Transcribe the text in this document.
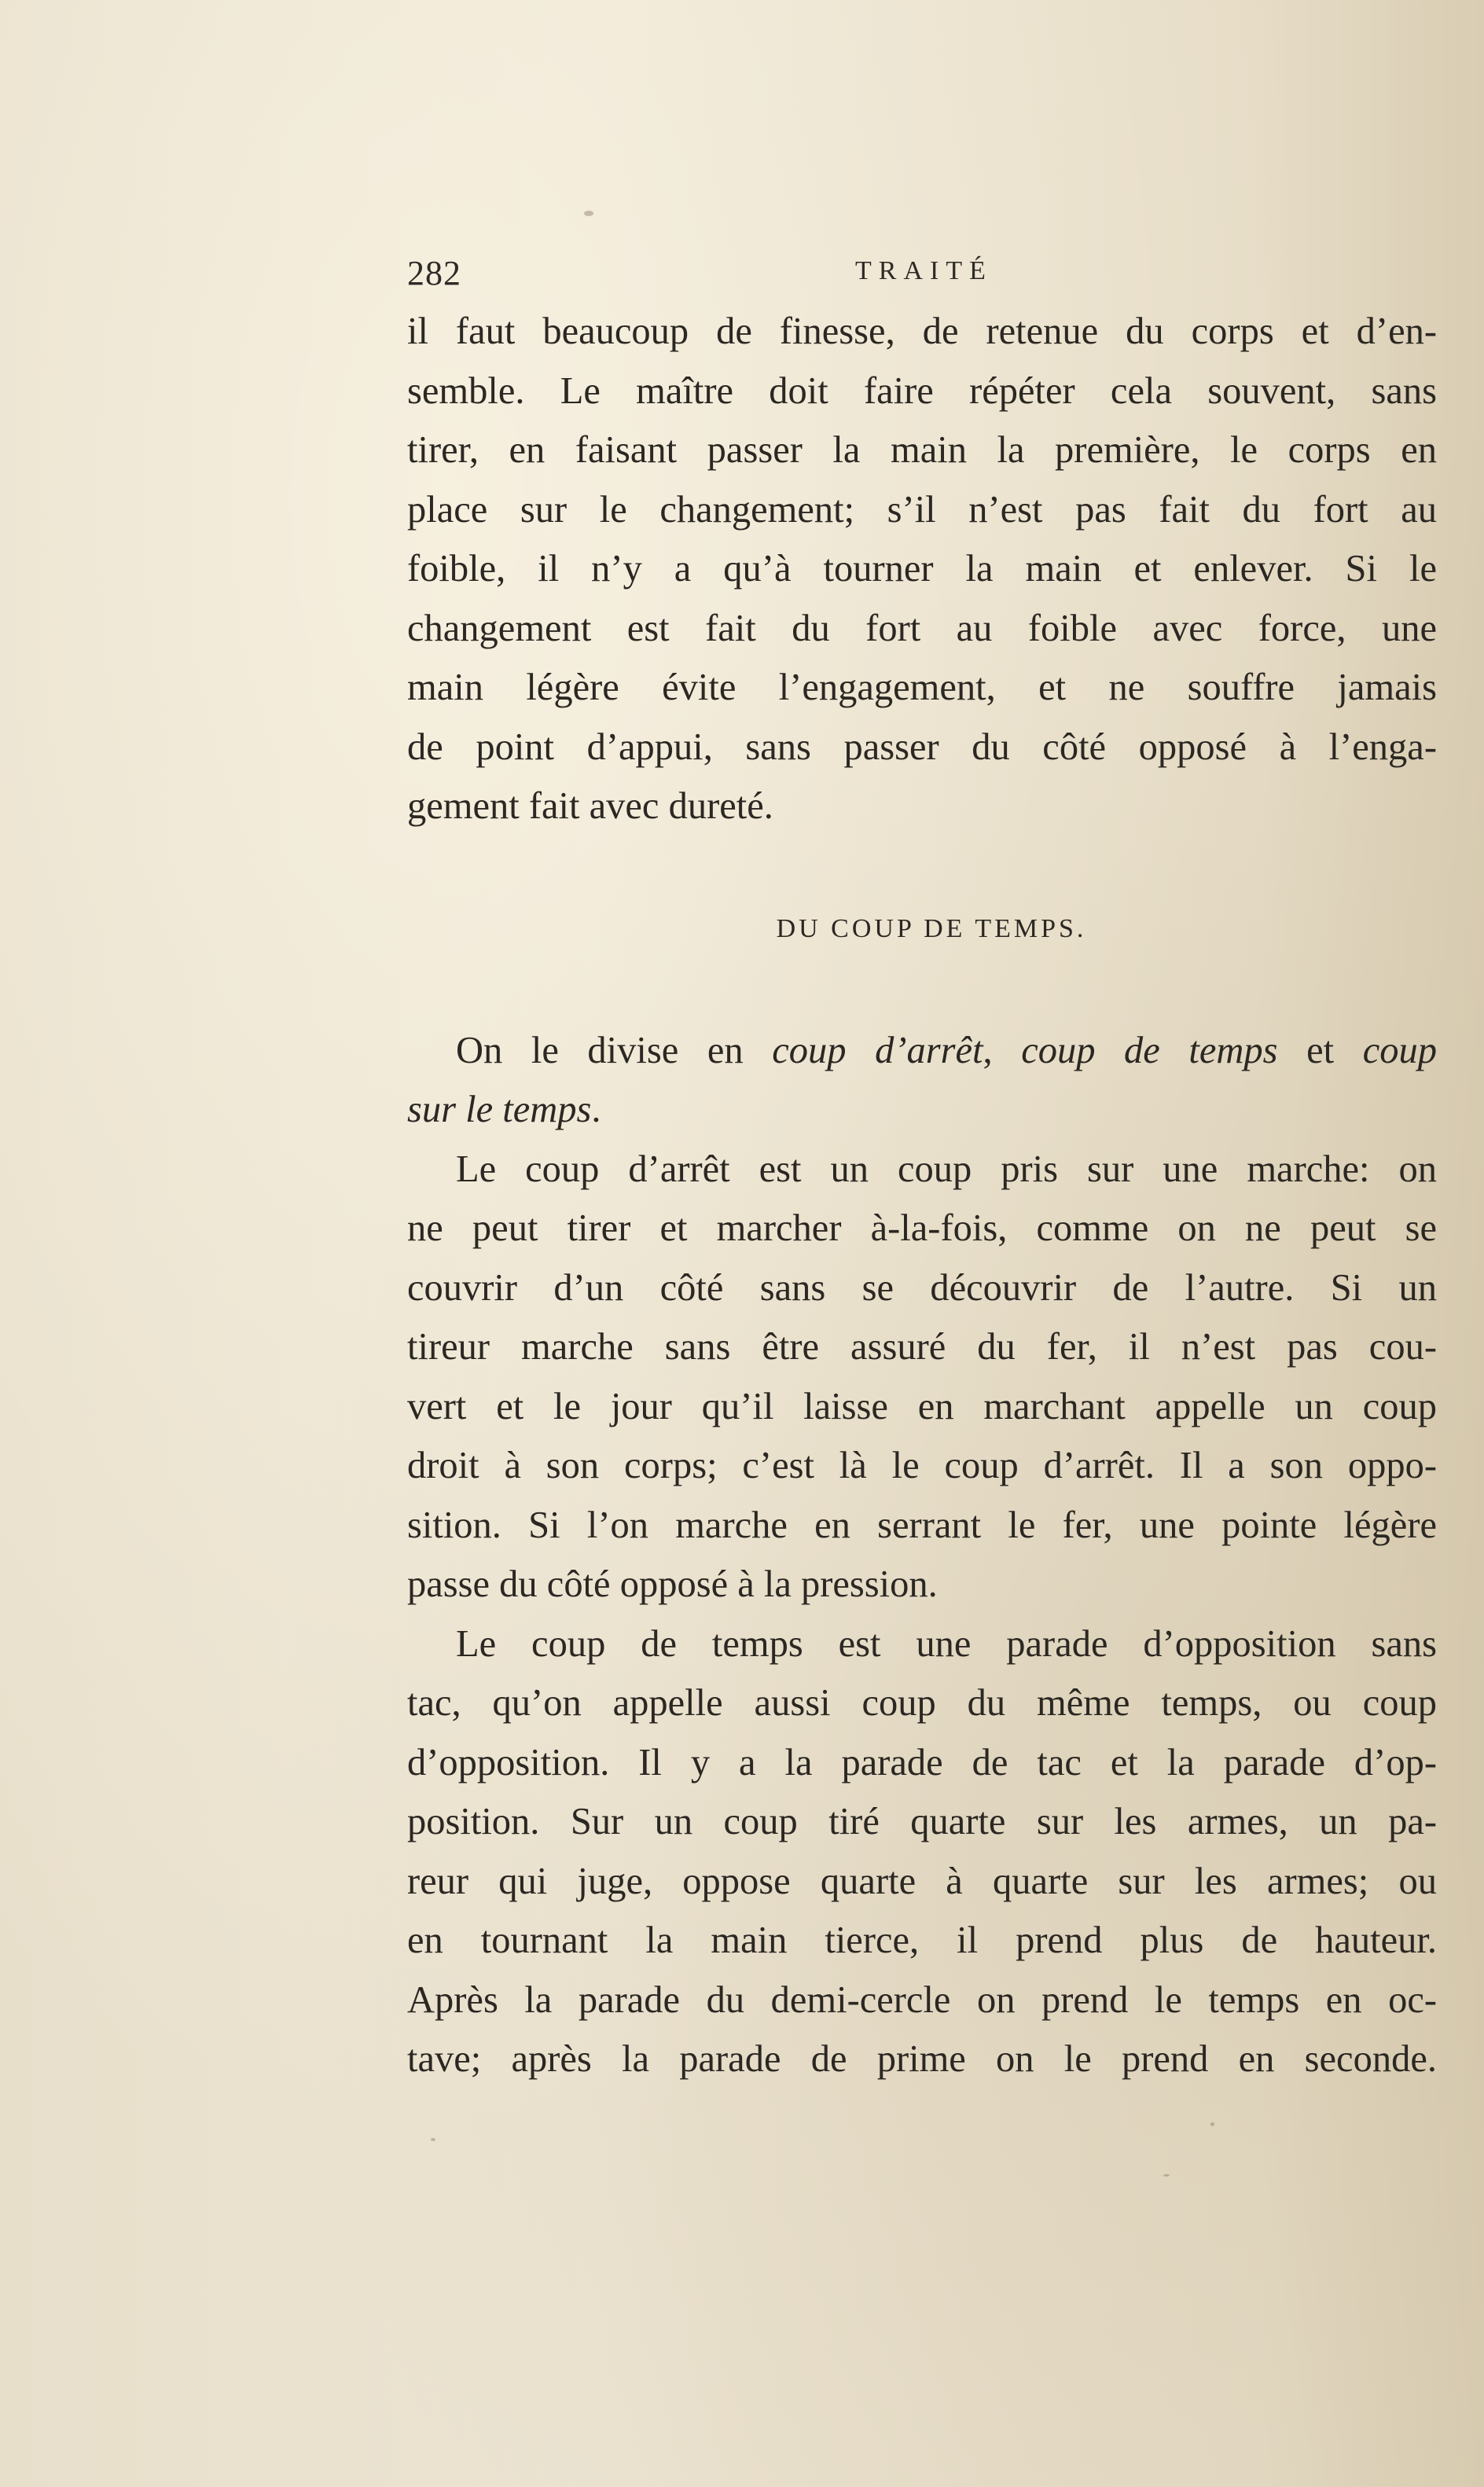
282	TRAITÉ
il faut beaucoup de finesse, de retenue du corps et d’en-
semble. Le maître doit faire répéter cela souvent, sans
tirer, en faisant passer la main la première, le corps en
place sur le changement; s’il n’est pas fait du fort au
foible, il n’y a qu’à tourner la main et enlever. Si le
changement est fait du fort au foible avec force, une
main légère évite l’engagement, et ne souffre jamais
de point d’appui, sans passer du côté opposé à l’enga-
gement fait avec dureté.
DU COUP DE TEMPS.
On le divise en coup d’arrêt, coup de temps et coup
sur le temps.
Le coup d’arrêt est un coup pris sur une marche: on
ne peut tirer et marcher à-la-fois, comme on ne peut se
couvrir d’un côté sans se découvrir de l’autre. Si un
tireur marche sans être assuré du fer, il n’est pas cou-
vert et le jour qu’il laisse en marchant appelle un coup
droit à son corps; c’est là le coup d’arrêt. Il a son oppo-
sition. Si l’on marche en serrant le fer, une pointe légère
passe du côté opposé à la pression.
Le coup de temps est une parade d’opposition sans
tac, qu’on appelle aussi coup du même temps, ou coup
d’opposition. Il y a la parade de tac et la parade d’op-
position. Sur un coup tiré quarte sur les armes, un pa-
reur qui juge, oppose quarte à quarte sur les armes; ou
en tournant la main tierce, il prend plus de hauteur.
Après la parade du demi-cercle on prend le temps en oc-
tave; après la parade de prime on le prend en seconde.
